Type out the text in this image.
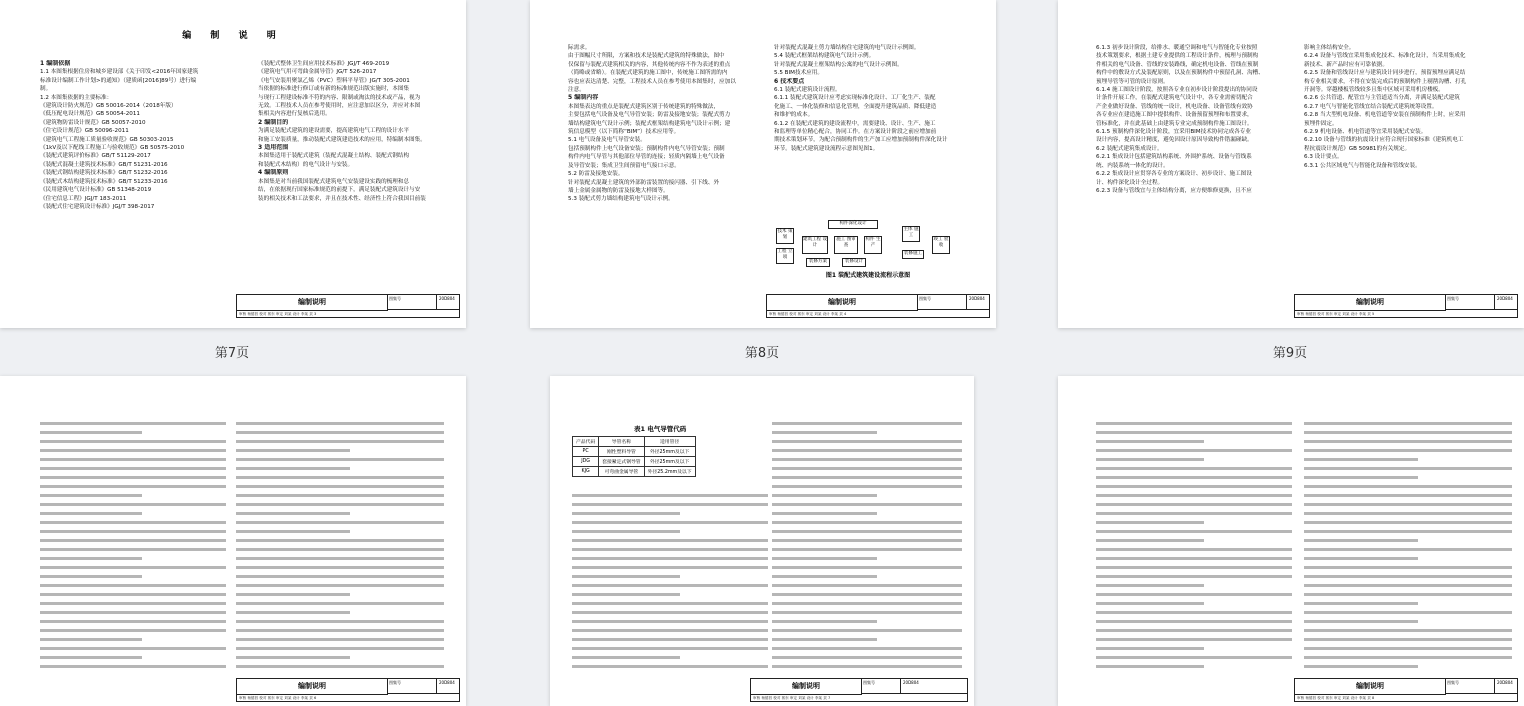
编 制 说 明
1 编制依据
1.1 本图集根据住房和城乡建设部《关于印发<2016年国家建筑
标准设计编制工作计划>的通知》（建质函[2016]89号）进行编
制。
1.2 本图集依据的主要标准：
《建筑设计防火规范》GB 50016-2014（2018年版）
《低压配电设计规范》GB 50054-2011
《建筑物防雷设计规范》GB 50057-2010
《住宅设计规范》GB 50096-2011
《建筑电气工程施工质量验收规范》GB 50303-2015
《1kV及以下配线工程施工与验收规范》GB 50575-2010
《装配式建筑评价标准》GB/T 51129-2017
《装配式混凝土建筑技术标准》GB/T 51231-2016
《装配式钢结构建筑技术标准》GB/T 51232-2016
《装配式木结构建筑技术标准》GB/T 51233-2016
《民用建筑电气设计标准》GB 51348-2019
《住宅信息工程》JGJ/T 183-2011
《装配式住宅建筑设计标准》JGJ/T 398-2017
《装配式整体卫生间应用技术标准》JGJ/T 469-2019
《建筑电气用可弯曲金属导管》JG/T 526-2017
《电气安装用聚氯乙烯（PVC）塑料平导管》JG/T 305-2001
当依据的标准进行修订或有新的标准规范出版实施时，本图集
与现行工程建设标准不符的内容、限制或淘汰的技术或产品，视为
无效。工程技术人员在参考使用时，应注意加以区分，并应对本图
集相关内容进行复核后选用。
2 编制目的
为满足装配式建筑的建设需要，提高建筑电气工程的设计水平
和施工安装质量，推动装配式建筑建造技术的应用，特编制本图集。
3 适用范围
本图集适用于装配式建筑（装配式混凝土结构、装配式钢结构
和装配式木结构）的电气设计与安装。
4 编制原则
本图集是对当前我国装配式建筑电气安装建设实践的梳理和总
结，在依据现行国家标准规范的前提下，满足装配式建筑设计与安
装的相关技术和工法要求，并且在技术性、经济性上符合我国目前装
编制说明	图集号	20D804
审核 杨德昌 校对 郭东 审定 刘某 设计 李某 页 3
第7页
际需求。
由于图幅尺寸所限，方案和技术是装配式建筑的特殊做法，图中
仅保留与装配式建筑相关的内容，其他传统内容不作为表述的重点
（简略或省略）。在装配式建筑的施工图中，传统施工图所需的内
容也应表达清楚、完整，工程技术人员在参考使用本图集时，应加以
注意。
5 编制内容
本图集表达的重点是装配式建筑区别于传统建筑的特殊做法，
主要包括电气设备及电气导管安装；防雷及接地安装；装配式剪力
墙结构建筑电气设计示例；装配式框架结构建筑电气设计示例；建
筑信息模型（以下简称“BIM”）技术应用等。
5.1 电气设备及电气导管安装。
包括预制构件上电气设备安装；预制构件内电气导管安装；预制
构件内电气导管与其他部位导管的连接；轻质内隔墙上电气设备
及导管安装；集成卫生间预留电气接口示意。
5.2 防雷及接地安装。
针对装配式混凝土建筑的外部防雷装置的接闪器、引下线、外
墙上金属金属物的防雷及接地大样图等。
5.3 装配式剪力墙结构建筑电气设计示例。
针对装配式混凝土剪力墙结构住宅建筑的电气设计示例图。
5.4 装配式框架结构建筑电气设计示例。
针对装配式混凝土框架结构公寓的电气设计示例图。
5.5 BIM技术应用。
6 技术要点
6.1 装配式建筑设计流程。
6.1.1 装配式建筑设计应考虑实现标准化设计、工厂化生产、装配
化施工、一体化装修和信息化管理，全面提升建筑品质、降低建造
和维护的成本。
6.1.2 在装配式建筑的建设流程中，需要建设、设计、生产、施工
和监理等单位精心配合，协同工作。在方案设计阶段之前应增加前
期技术策划环节，为配合预制构件的生产加工应增加预制构件深化设计
环节。装配式建筑建设流程示意图见图1。
技术 策划
工程 立项
建筑工程 设计
施工 图审查
构件 生产
主体 施工
竣工 验收
构件深化设计
装修施工
装修方案	装修设计
图1 装配式建筑建设流程示意图
编制说明	图集号	20D804
审核 杨德昌 校对 郭东 审定 刘某 设计 李某 页 4
第8页
6.1.3 初步设计阶段，给排水、暖通空调和电气与智能化专业按照
技术策划要求，根据土建专业提供的工程设计条件，梳理与预制构
件相关的电气设备、管线的安装路线，确定机电设备、管线在预制
构件中的敷设方式及装配原则，以及在预制构件中预留孔洞、沟槽、
预埋导管等可管的设计原则。
6.1.4 施工图设计阶段，按照各专业在初步设计阶段提出的协同设
计条件开展工作，在装配式建筑电气设计中，各专业需密切配合
产企业做好设备、管线的统一设计，机电设备、设备管线有效协
各专业应在建造施工图中提供构件、设备预留预埋和布置要求，
管标准化，并在此基础上由建筑专业完成预制构件施工图设计。
6.1.5 预制构件深化设计阶段，宜采用BIM技术协同完成各专业
设计内容，提高设计精度，避免因设计原因导致构件错漏碰缺。
6.2 装配式建筑集成设计。
6.2.1 集成设计包括建筑结构系统、外围护系统、设备与管线系
统、内装系统一体化的设计。
6.2.2 集成设计应贯穿各专业的方案设计、初步设计、施工图设
计、构件深化设计全过程。
6.2.3 设备与管线宜与主体结构分离，应方便维修更换，且不应
影响主体结构安全。
6.2.4 设备与管线宜采用集成化技术、标准化设计，当采用集成化
新技术、新产品时应有可靠依据。
6.2.5 设备和管线设计应与建筑设计同步进行，预留预埋应满足结
构专业相关要求，不得在安装完成后的预制构件上剔凿沟槽、打孔
开洞等。穿越楼板管线较多且集中区域可采用机房楼板。
6.2.6 公共管道、配管宜与主管道适当分离，并满足装配式建筑
6.2.7 电气与智能化管线宜结合装配式建筑统筹设置。
6.2.8 当大型机电设备、机电管道等安装在预制构件上时，应采用
预埋件固定。
6.2.9 机电设备、机电管道等宜采用装配式安装。
6.2.10 设备与管线的抗震设计应符合现行国家标准《建筑机电工
程抗震设计规范》GB 50981的有关规定。
6.3 设计要点。
6.3.1 公共区域电气与智能化设备和管线安装。
编制说明	图集号	20D804
审核 杨德昌 校对 郭东 审定 刘某 设计 李某 页 5
第9页
编制说明	图集号	20D804
审核 杨德昌 校对 郭东 审定 刘某 设计 李某 页 6
表1 电气导管代码
产品代码	导管名称	适用管径
PC	刚性塑料导管	外径25mm及以下
JDG	套接紧定式钢导管	外径25mm及以下
KJG	可弯曲金属导管	外径25.2mm及以下
编制说明	图集号	20D804
审核 杨德昌 校对 郭东 审定 刘某 设计 李某 页 7
编制说明	图集号	20D804
审核 杨德昌 校对 郭东 审定 刘某 设计 李某 页 8
